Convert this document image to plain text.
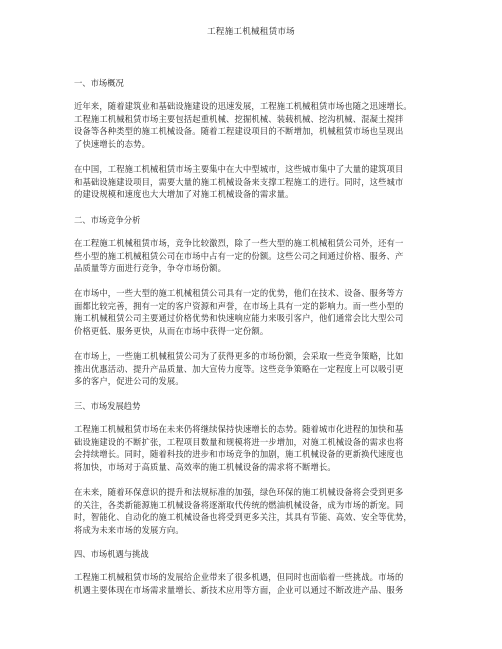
工程施工机械租赁市场
一、市场概况
近年来，随着建筑业和基础设施建设的迅速发展，工程施工机械租赁市场也随之迅速增长。
工程施工机械租赁市场主要包括起重机械、挖掘机械、装载机械、挖沟机械、混凝土搅拌
设备等各种类型的施工机械设备。随着工程建设项目的不断增加，机械租赁市场也呈现出
了快速增长的态势。
在中国，工程施工机械租赁市场主要集中在大中型城市，这些城市集中了大量的建筑项目
和基础设施建设项目，需要大量的施工机械设备来支撑工程施工的进行。同时，这些城市
的建设规模和速度也大大增加了对施工机械设备的需求量。
二、市场竞争分析
在工程施工机械租赁市场，竞争比较激烈，除了一些大型的施工机械租赁公司外，还有一
些小型的施工机械租赁公司在市场中占有一定的份额。这些公司之间通过价格、服务、产
品质量等方面进行竞争，争夺市场份额。
在市场中，一些大型的施工机械租赁公司具有一定的优势，他们在技术、设备、服务等方
面都比较完善，拥有一定的客户资源和声誉，在市场上具有一定的影响力。而一些小型的
施工机械租赁公司主要通过价格优势和快速响应能力来吸引客户，他们通常会比大型公司
价格更低、服务更快，从而在市场中获得一定份额。
在市场上，一些施工机械租赁公司为了获得更多的市场份额，会采取一些竞争策略，比如
推出优惠活动、提升产品质量、加大宣传力度等。这些竞争策略在一定程度上可以吸引更
多的客户，促进公司的发展。
三、市场发展趋势
工程施工机械租赁市场在未来仍将继续保持快速增长的态势。随着城市化进程的加快和基
础设施建设的不断扩张，工程项目数量和规模将进一步增加，对施工机械设备的需求也将
会持续增长。同时，随着科技的进步和市场竞争的加剧，施工机械设备的更新换代速度也
将加快，市场对于高质量、高效率的施工机械设备的需求将不断增长。
在未来，随着环保意识的提升和法规标准的加强，绿色环保的施工机械设备将会受到更多
的关注，各类新能源施工机械设备将逐渐取代传统的燃油机械设备，成为市场的新宠。同
时，智能化、自动化的施工机械设备也将受到更多关注，其具有节能、高效、安全等优势，
将成为未来市场的发展方向。
四、市场机遇与挑战
工程施工机械租赁市场的发展给企业带来了很多机遇，但同时也面临着一些挑战。市场的
机遇主要体现在市场需求量增长、新技术应用等方面，企业可以通过不断改进产品、服务
